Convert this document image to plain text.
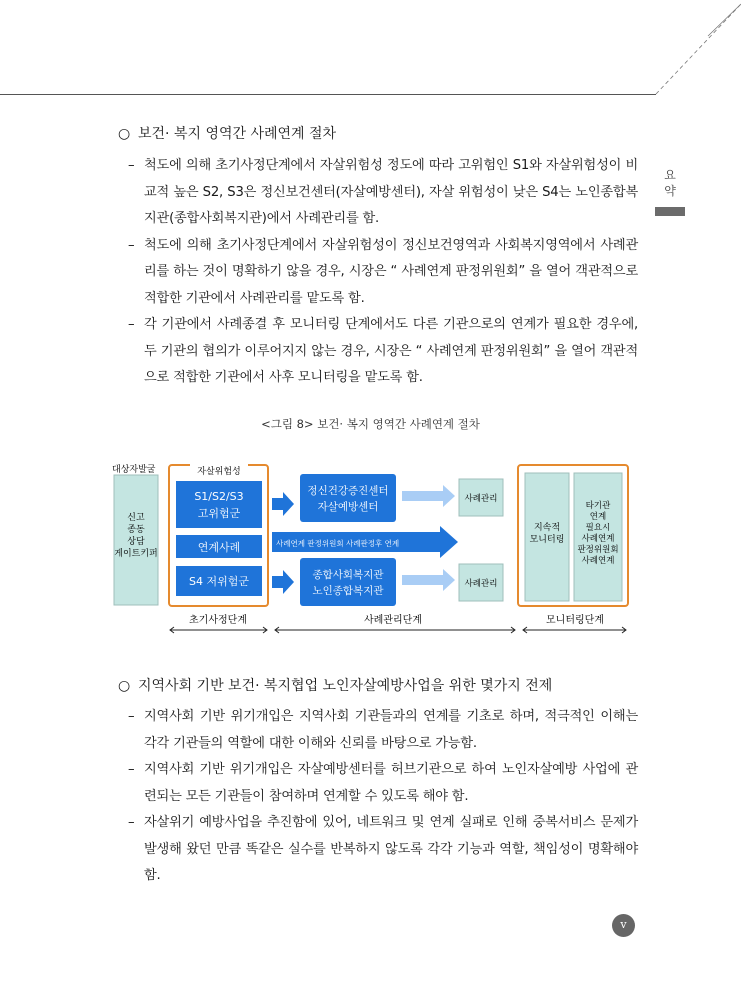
요
약
○ 보건· 복지 영역간 사례연계 절차
– 척도에 의해 초기사정단계에서 자살위험성 정도에 따라 고위험인 S1와 자살위험성이 비교적 높은 S2, S3은 정신보건센터(자살예방센터), 자살 위험성이 낮은 S4는 노인종합복지관(종합사회복지관)에서 사례관리를 함.
– 척도에 의해 초기사정단계에서 자살위험성이 정신보건영역과 사회복지영역에서 사례관리를 하는 것이 명확하기 않을 경우, 시장은 “ 사례연계 판정위원회” 을 열어 객관적으로 적합한 기관에서 사례관리를 맡도록 함.
– 각 기관에서 사례종결 후 모니터링 단계에서도 다른 기관으로의 연계가 필요한 경우에, 두 기관의 협의가 이루어지지 않는 경우, 시장은 “ 사례연계 판정위원회” 을 열어 객관적으로 적합한 기관에서 사후 모니터링을 맡도록 함.
<그림 8> 보건· 복지 영역간 사례연계 절차
대상자발굴
신고
종동
상담
게이트키퍼
자살위험성
S1/S2/S3
고위험군
연계사례
S4 저위험군
정신건강증진센터
자살예방센터
종합사회복지관
노인종합복지관
사례연계 판정위원회 사례판정후 연계
사례관리
사례관리
지속적
모니터링
타기관
연계
필요시
사례연계
판정위원회
사례연계
초기사정단계	사례관리단계	모니터링단계
○ 지역사회 기반 보건· 복지협업 노인자살예방사업을 위한 몇가지 전제
– 지역사회 기반 위기개입은 지역사회 기관들과의 연계를 기초로 하며, 적극적인 이해는 각각 기관들의 역할에 대한 이해와 신뢰를 바탕으로 가능함.
– 지역사회 기반 위기개입은 자살예방센터를 허브기관으로 하여 노인자살예방 사업에 관련되는 모든 기관들이 참여하며 연계할 수 있도록 해야 함.
– 자살위기 예방사업을 추진함에 있어, 네트워크 및 연계 실패로 인해 중복서비스 문제가 발생해 왔던 만큼 똑같은 실수를 반복하지 않도록 각각 기능과 역할, 책임성이 명확해야 함.
v
